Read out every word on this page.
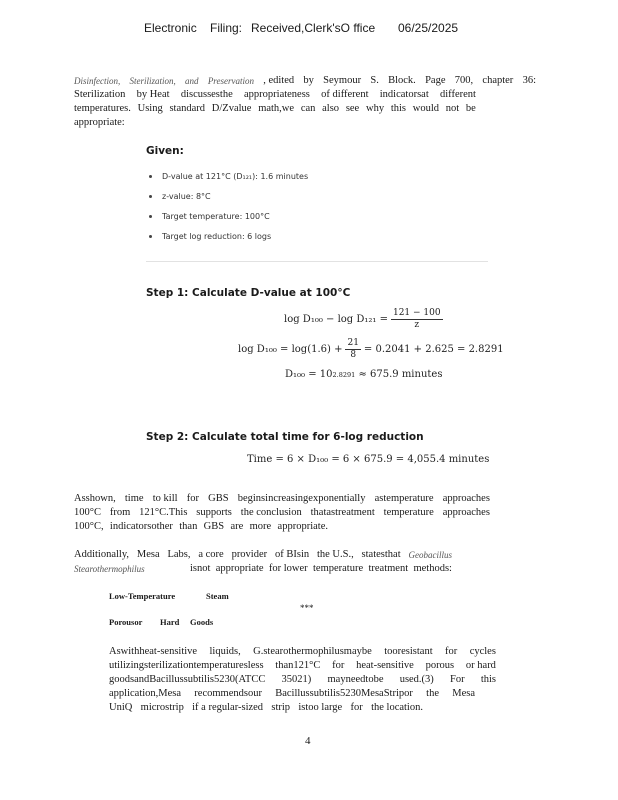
Electronic Filing: Received,Clerk'sO ffice 06/25/2025
Disinfection, Sterilization, and Preservation , edited by Seymour S. Block. Page 700, chapter 36:
Sterilization by Heat discussesthe appropriateness of different indicatorsat different
temperatures. Using standard D/Zvalue math,we can also see why this would not be
appropriate:
Given:
D-value at 121°C (D₁₂₁): 1.6 minutes
z-value: 8°C
Target temperature: 100°C
Target log reduction: 6 logs
Step 1: Calculate D-value at 100°C
$\log D_{100} - \log D_{121} = \frac{121 - 100}{z}$
$\log D_{100} = \log(1.6) + \frac{21}{8} = 0.2041 + 2.625 = 2.8291$
D₁₀₀ = 10 2.8291
≈ 675.9 minutes
Step 2: Calculate total time for 6-log reduction
Time = 6 × D₁₀₀ = 6 × 675.9 = 4,055.4 minutes
Asshown, time to kill for GBS beginsincreasingexponentially astemperature approaches
100°C from 121°C.This supports the conclusion thatastreatment temperature approaches
100°C, indicatorsother than GBS are more appropriate.
Additionally, Mesa Labs, a core provider of BIsin the U.S., statesthat Geobacillus
Stearothermophilus	isnot appropriate for lower temperature treatment methods:
Low-Temperature	Steam
***
Porousor Hard Goods
Aswithheat-sensitive liquids, G.stearothermophilusmaybe tooresistant for cycles
utilizingsterilizationtemperaturesless than121°C for heat-sensitive porous or hard
goodsandBacillussubtilis5230(ATCC 35021) mayneedtobe used.(3) For this
application,Mesa recommendsour Bacillussubtilis5230MesaStripor the Mesa
UniQ microstrip if a regular-sized strip istoo large for the location.
4
